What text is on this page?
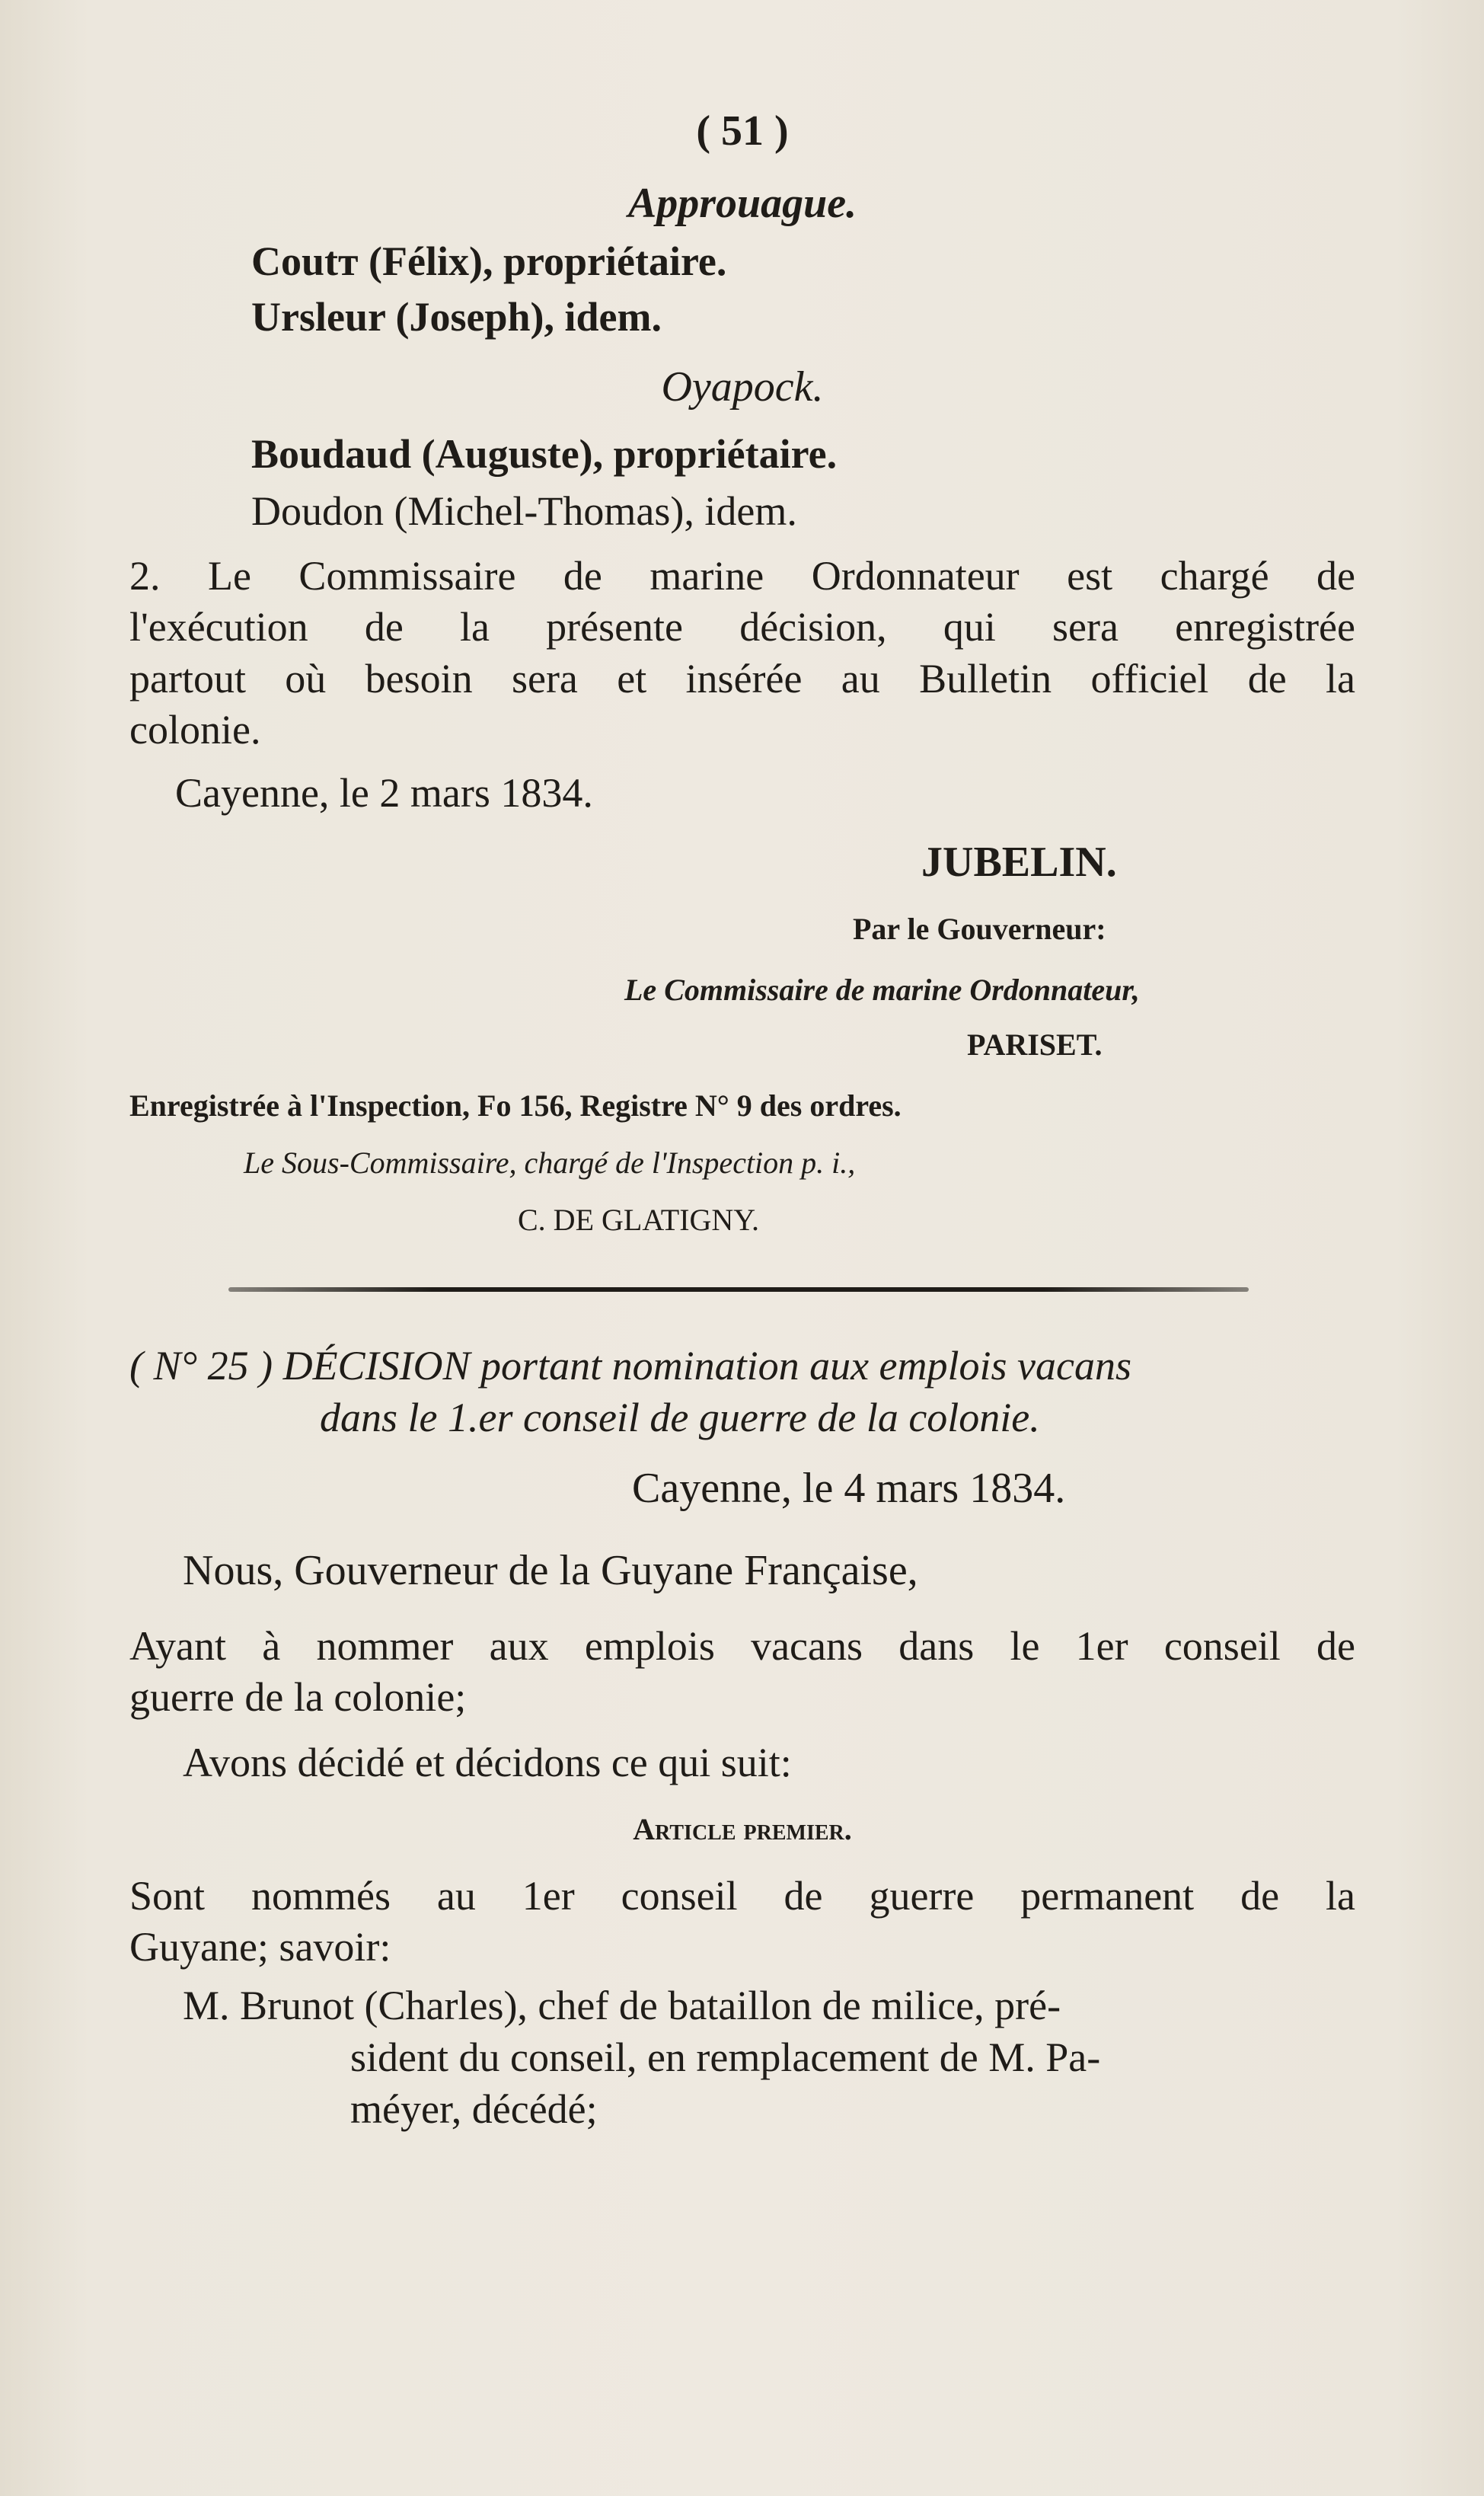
( 51 )
Approuague.
Coutт (Félix), propriétaire.
Ursleur (Joseph), idem.
Oyapock.
Boudaud (Auguste), propriétaire.
Doudon (Michel-Thomas), idem.
2. Le Commissaire de marine Ordonnateur est chargé de
l'exécution de la présente décision, qui sera enregistrée
partout où besoin sera et insérée au Bulletin officiel de la
colonie.
Cayenne, le 2 mars 1834.
JUBELIN.
Par le Gouverneur:
Le Commissaire de marine Ordonnateur,
PARISET.
Enregistrée à l'Inspection, Fo 156, Registre N° 9 des ordres.
Le Sous-Commissaire, chargé de l'Inspection p. i.,
C. DE GLATIGNY.
( N° 25 ) DÉCISION portant nomination aux emplois vacans
dans le 1.er conseil de guerre de la colonie.
Cayenne, le 4 mars 1834.
Nous, Gouverneur de la Guyane Française,
Ayant à nommer aux emplois vacans dans le 1er conseil de
guerre de la colonie;
Avons décidé et décidons ce qui suit:
Article premier.
Sont nommés au 1er conseil de guerre permanent de la
Guyane; savoir:
M. Brunot (Charles), chef de bataillon de milice, pré-
sident du conseil, en remplacement de M. Pa-
méyer, décédé;
